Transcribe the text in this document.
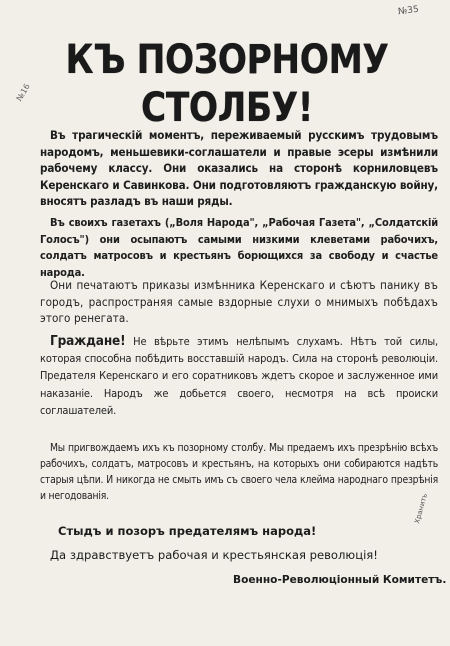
№35
№16
Хранить
КЪ ПОЗОРНОМУ СТОЛБУ!

Въ трагическій моментъ, переживаемый русскимъ трудовымъ народомъ, меньшевики-соглашатели и правые эсеры измѣнили рабочему классу. Они оказались на сторонѣ корниловцевъ Керенскаго и Савинкова. Они подготовляютъ гражданскую войну, вносятъ разладъ въ наши ряды.

Въ своихъ газетахъ („Воля Народа", „Рабочая Газета", „Солдатскій Голосъ") они осыпаютъ самыми низкими клеветами рабочихъ, солдатъ матросовъ и крестьянъ борющихся за свободу и счастье народа.

Они печатаютъ приказы измѣнника Керенскаго и сѣютъ панику въ городъ, распространяя самые вздорные слухи о мнимыхъ побѣдахъ этого ренегата.

Граждане! Не вѣрьте этимъ нелѣпымъ слухамъ. Нѣтъ той силы, которая способна побѣдить восставшій народъ. Сила на сторонѣ революціи. Предателя Керенскаго и его соратниковъ ждетъ скорое и заслуженное ими наказаніе. Народъ же добьется своего, несмотря на всѣ происки соглашателей.

Мы пригвождаемъ ихъ къ позорному столбу. Мы предаемъ ихъ презрѣнію всѣхъ рабочихъ, солдатъ, матросовъ и крестьянъ, на которыхъ они собираются надѣть старыя цѣпи. И никогда не смыть имъ съ своего чела клейма народнаго презрѣнія и негодованія.

Стыдъ и позоръ предателямъ народа!
Да здравствуетъ рабочая и крестьянская революція!
Военно-Революціонный Комитетъ.
